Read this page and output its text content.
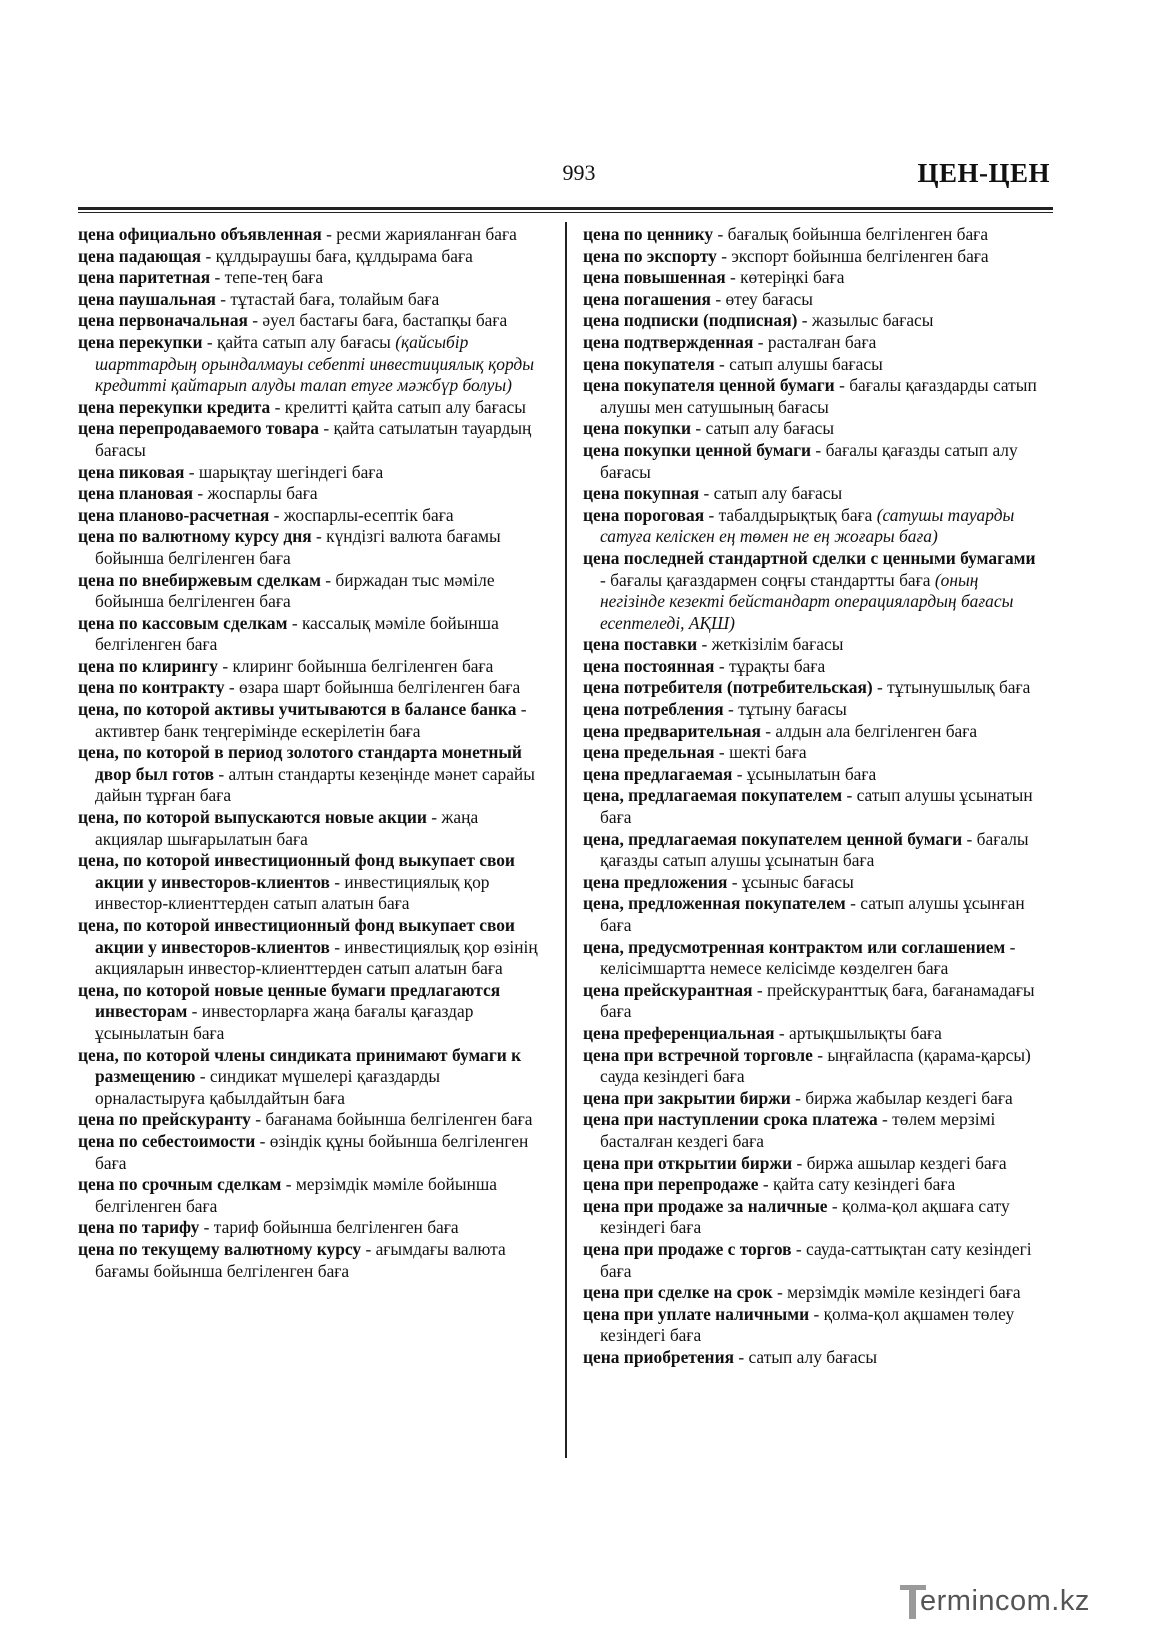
993	ЦЕН-ЦЕН

цена официально объявленная - ресми жарияланған баға

цена падающая - құлдыраушы баға, құлдырама баға

цена паритетная - тепе-тең баға

цена паушальная - тұтастай баға, толайым баға

цена первоначальная - әуел бастағы баға, бастапқы баға

цена перекупки - қайта сатып алу бағасы (қайсыбір шарттардың орындалмауы себепті инвестициялық қорды кредитті қайтарып алуды талап етуге мәжбүр болуы)

цена перекупки кредита - крелитті қайта сатып алу бағасы

цена перепродаваемого товара - қайта сатылатын тауардың бағасы

цена пиковая - шарықтау шегіндегі баға

цена плановая - жоспарлы баға

цена планово-расчетная - жоспарлы-есептік баға

цена по валютному курсу дня - күндізгі валюта бағамы бойынша белгіленген баға

цена по внебиржевым сделкам - биржадан тыс мәміле бойынша белгіленген баға

цена по кассовым сделкам - кассалық мәміле бойынша белгіленген баға

цена по клирингу - клиринг бойынша белгіленген баға

цена по контракту - өзара шарт бойынша белгіленген баға

цена, по которой активы учитываются в балансе банка - активтер банк теңгерімінде ескерілетін баға

цена, по которой в период золотого стандарта монетный двор был готов - алтын стандарты кезеңінде мәнет сарайы дайын тұрған баға

цена, по которой выпускаются новые акции - жаңа акциялар шығарылатын баға

цена, по которой инвестиционный фонд выкупает свои акции у инвесторов-клиентов - инвестициялық қор инвестор-клиенттерден сатып алатын баға

цена, по которой инвестиционный фонд выкупает свои акции у инвесторов-клиентов - инвестициялық қор өзінің акцияларын инвестор-клиенттерден сатып алатын баға

цена, по которой новые ценные бумаги предлагаются инвесторам - инвесторларға жаңа бағалы қағаздар ұсынылатын баға

цена, по которой члены синдиката принимают бумаги к размещению - синдикат мүшелері қағаздарды орналастыруға қабылдайтын баға

цена по прейскуранту - бағанама бойынша белгіленген баға

цена по себестоимости - өзіндік құны бойынша белгіленген баға

цена по срочным сделкам - мерзімдік мәміле бойынша белгіленген баға

цена по тарифу - тариф бойынша белгіленген баға

цена по текущему валютному курсу - ағымдағы валюта бағамы бойынша белгіленген баға

цена по ценнику - бағалық бойынша белгіленген баға

цена по экспорту - экспорт бойынша белгіленген баға

цена повышенная - көтеріңкі баға

цена погашения - өтеу бағасы

цена подписки (подписная) - жазылыс бағасы

цена подтвержденная - расталған баға

цена покупателя - сатып алушы бағасы

цена покупателя ценной бумаги - бағалы қағаздарды сатып алушы мен сатушының бағасы

цена покупки - сатып алу бағасы

цена покупки ценной бумаги - бағалы қағазды сатып алу бағасы

цена покупная - сатып алу бағасы

цена пороговая - табалдырықтық баға (сатушы тауарды сатуға келіскен ең төмен не ең жоғары баға)

цена последней стандартной сделки с ценными бумагами - бағалы қағаздармен соңғы стандартты баға (оның негізінде кезекті бейстандарт операциялардың бағасы есептеледі, АҚШ)

цена поставки - жеткізілім бағасы

цена постоянная - тұрақты баға

цена потребителя (потребительская) - тұтынушылық баға

цена потребления - тұтыну бағасы

цена предварительная - алдын ала белгіленген баға

цена предельная - шекті баға

цена предлагаемая - ұсынылатын баға

цена, предлагаемая покупателем - сатып алушы ұсынатын баға

цена, предлагаемая покупателем ценной бумаги - бағалы қағазды сатып алушы ұсынатын баға

цена предложения - ұсыныс бағасы

цена, предложенная покупателем - сатып алушы ұсынған баға

цена, предусмотренная контрактом или соглашением - келісімшартта немесе келісімде көзделген баға

цена прейскурантная - прейскуранттық баға, бағанамадағы баға

цена преференциальная - артықшылықты баға

цена при встречной торговле - ыңғайласпа (қарама-қарсы) сауда кезіндегі баға

цена при закрытии биржи - биржа жабылар кездегі баға

цена при наступлении срока платежа - төлем мерзімі басталған кездегі баға

цена при открытии биржи - биржа ашылар кездегі баға

цена при перепродаже - қайта сату кезіндегі баға

цена при продаже за наличные - қолма-қол ақшаға сату кезіндегі баға

цена при продаже с торгов - сауда-саттықтан сату кезіндегі баға

цена при сделке на срок - мерзімдік мәміле кезіндегі баға

цена при уплате наличными - қолма-қол ақшамен төлеу кезіндегі баға

цена приобретения - сатып алу бағасы

ermincom.kz
